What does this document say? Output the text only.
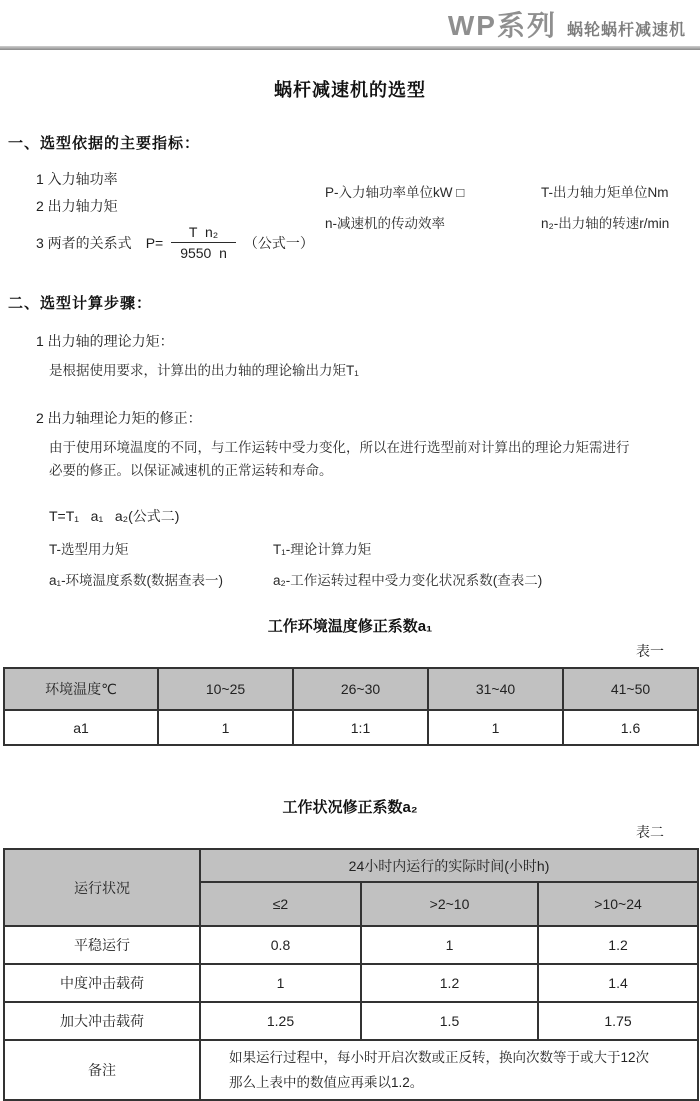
WP系列 蜗轮蜗杆减速机
蜗杆减速机的选型
一、选型依据的主要指标：
1 入力轴功率
2 出力轴力矩
3 两者的关系式 $P= \frac{\text{T  n₂}}{9550 n}$ （公式一）
P-入力轴功率单位kW □	T-出力轴力矩单位Nm
n-减速机的传动效率	n₂-出力轴的转速r/min
二、选型计算步骤：
1 出力轴的理论力矩：
是根据使用要求，计算出的出力轴的理论输出力矩T₁
2 出力轴理论力矩的修正：
由于使用环境温度的不同，与工作运转中受力变化，所以在进行选型前对计算出的理论力矩需进行
必要的修正。以保证减速机的正常运转和寿命。
T=T₁   a₁   a₂(公式二)
T-选型用力矩	T₁-理论计算力矩
a₁-环境温度系数(数据查表一)	a₂-工作运转过程中受力变化状况系数(查表二)
工作环境温度修正系数a₁
表一
环境温度℃	10~25	26~30	31~40	41~50
a1	1	1:1	1	1.6
工作状况修正系数a₂
表二
运行状况	24小时内运行的实际时间(小时h)		
	≤2	>2~10	>10~24
平稳运行	0.8	1	1.2
中度冲击载荷	1	1.2	1.4
加大冲击载荷	1.25	1.5	1.75
备注	如果运行过程中，每小时开启次数或正反转，换向次数等于或大于12次
那么上表中的数值应再乘以1.2。		
